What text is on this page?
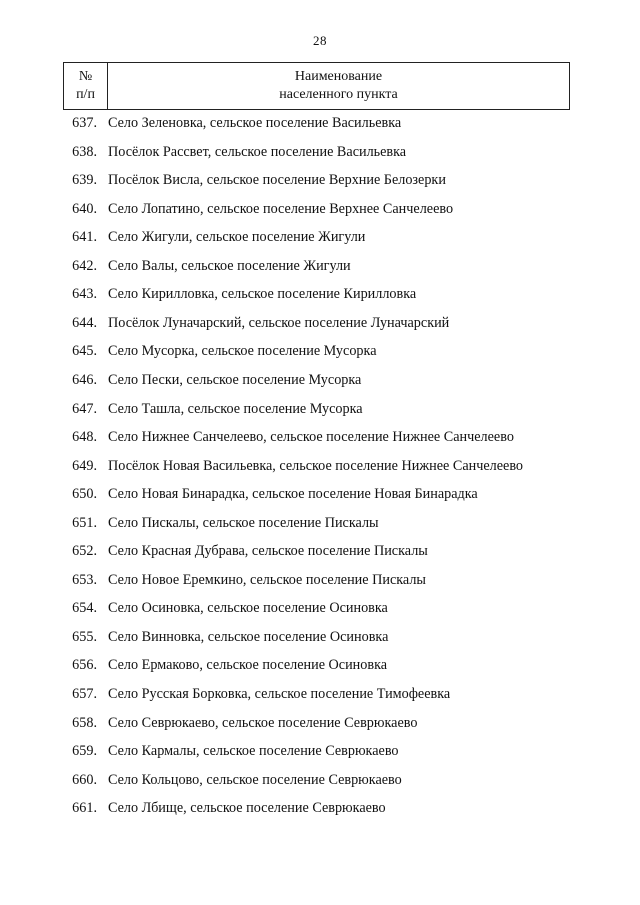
28
№
п/п
Наименование
населенного пункта
637. Село Зеленовка, сельское поселение Васильевка
638. Посёлок Рассвет, сельское поселение Васильевка
639. Посёлок Висла, сельское поселение Верхние Белозерки
640. Село Лопатино, сельское поселение Верхнее Санчелеево
641. Село Жигули, сельское поселение Жигули
642. Село Валы, сельское поселение Жигули
643. Село Кирилловка, сельское поселение Кирилловка
644. Посёлок Луначарский, сельское поселение Луначарский
645. Село Мусорка, сельское поселение Мусорка
646. Село Пески, сельское поселение Мусорка
647. Село Ташла, сельское поселение Мусорка
648. Село Нижнее Санчелеево, сельское поселение Нижнее Санчелеево
649. Посёлок Новая Васильевка, сельское поселение Нижнее Санчелеево
650. Село Новая Бинарадка, сельское поселение Новая Бинарадка
651. Село Пискалы, сельское поселение Пискалы
652. Село Красная Дубрава, сельское поселение Пискалы
653. Село Новое Еремкино, сельское поселение Пискалы
654. Село Осиновка, сельское поселение Осиновка
655. Село Винновка, сельское поселение Осиновка
656. Село Ермаково, сельское поселение Осиновка
657. Село Русская Борковка, сельское поселение Тимофеевка
658. Село Севрюкаево, сельское поселение Севрюкаево
659. Село Кармалы, сельское поселение Севрюкаево
660. Село Кольцово, сельское поселение Севрюкаево
661. Село Лбище, сельское поселение Севрюкаево
